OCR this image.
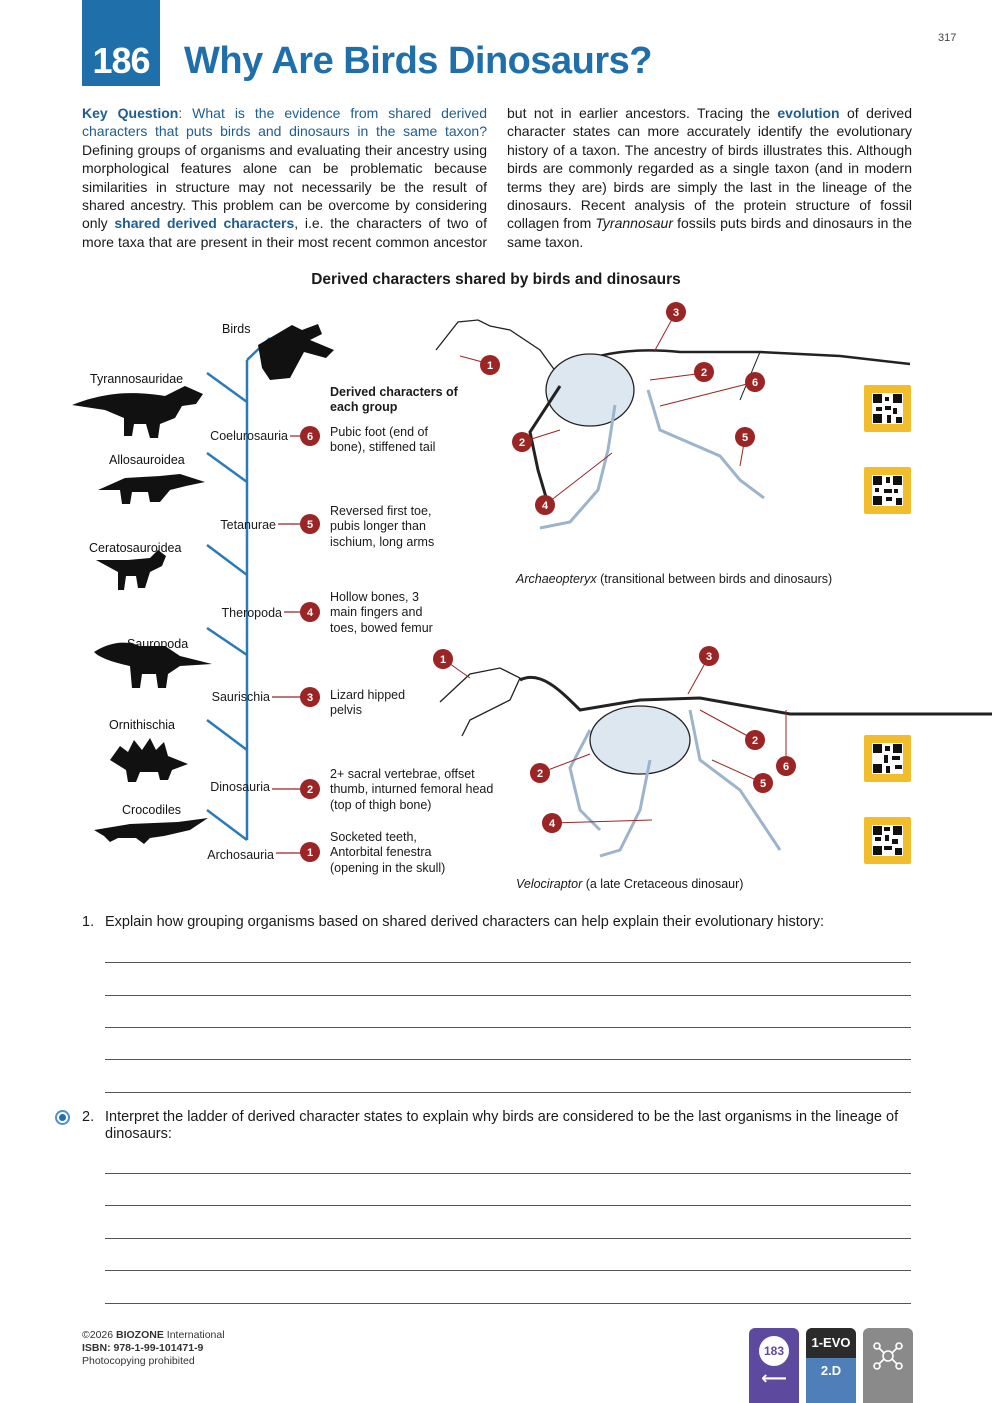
186 Why Are Birds Dinosaurs?
317
Key Question: What is the evidence from shared derived characters that puts birds and dinosaurs in the same taxon? Defining groups of organisms and evaluating their ancestry using morphological features alone can be problematic because similarities in structure may not necessarily be the result of shared ancestry. This problem can be overcome by considering only shared derived characters, i.e. the characters of two of more taxa that are present in their most recent common ancestor but not in earlier ancestors. Tracing the evolution of derived character states can more accurately identify the evolutionary history of a taxon. The ancestry of birds illustrates this. Although birds are commonly regarded as a single taxon (and in modern terms they are) birds are simply the last in the lineage of the dinosaurs. Recent analysis of the protein structure of fossil collagen from Tyrannosaur fossils puts birds and dinosaurs in the same taxon.
Derived characters shared by birds and dinosaurs
1
3
2
6
2	5
4
1	3
2
6
2
5
4
Birds
Tyrannosauridae
Allosauroidea
Ceratosauroidea
Sauropoda
Ornithischia
Crocodiles
Coelurosauria
Tetanurae
Theropoda
Saurischia
Dinosauria
Archosauria
6
5
4
3
2
1
Derived characters of each group
Pubic foot (end of bone), stiffened tail
Reversed first toe, pubis longer than ischium, long arms
Hollow bones, 3 main fingers and toes, bowed femur
Lizard hipped pelvis
2+ sacral vertebrae, offset thumb, inturned femoral head (top of thigh bone)
Socketed teeth, Antorbital fenestra (opening in the skull)
Archaeopteryx (transitional between birds and dinosaurs)
Velociraptor (a late Cretaceous dinosaur)
1. Explain how grouping organisms based on shared derived characters can help explain their evolutionary history:
2. Interpret the ladder of derived character states to explain why birds are considered to be the last organisms in the lineage of dinosaurs:
©2026 BIOZONE International
ISBN: 978-1-99-101471-9
Photocopying prohibited
183
⟵
1-EVO
2.D
